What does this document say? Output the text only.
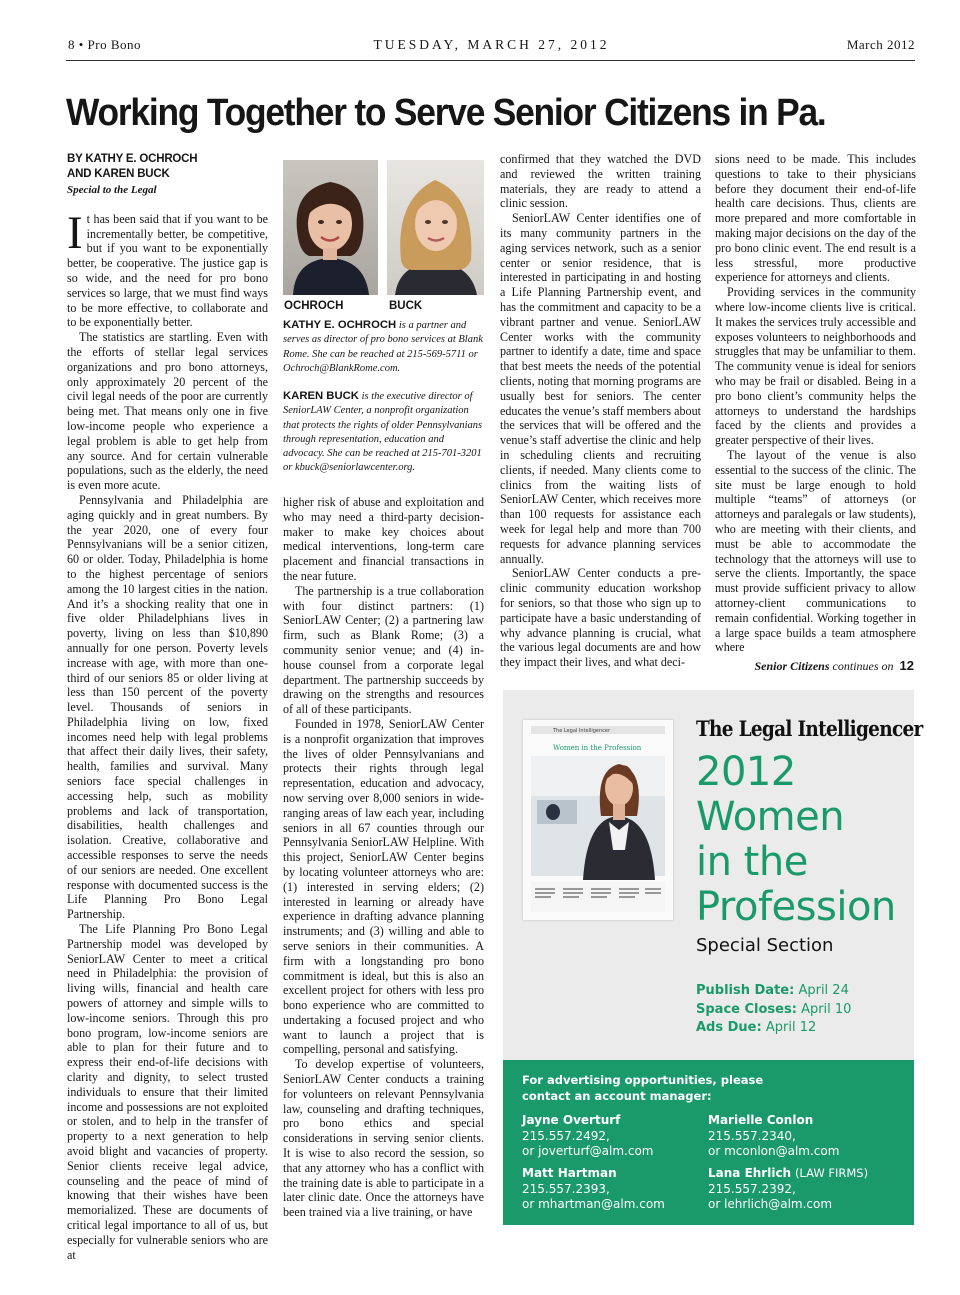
8 • Pro Bono	TUESDAY, MARCH 27, 2012	March 2012
Working Together to Serve Senior Citizens in Pa.
BY KATHY E. OCHROCH
AND KAREN BUCK
Special to the Legal

It has been said that if you want to be incrementally better, be competitive, but if you want to be exponentially better, be cooperative. The justice gap is so wide, and the need for pro bono services so large, that we must find ways to be more effective, to collaborate and to be exponentially better.

The statistics are startling. Even with the efforts of stellar legal services organizations and pro bono attorneys, only approximately 20 percent of the civil legal needs of the poor are currently being met. That means only one in five low-income people who experience a legal problem is able to get help from any source. And for certain vulnerable populations, such as the elderly, the need is even more acute.

Pennsylvania and Philadelphia are aging quickly and in great numbers. By the year 2020, one of every four Pennsylvanians will be a senior citizen, 60 or older. Today, Philadelphia is home to the highest percentage of seniors among the 10 largest cities in the nation. And it’s a shocking reality that one in five older Philadelphians lives in poverty, living on less than $10,890 annually for one person. Poverty levels increase with age, with more than one-third of our seniors 85 or older living at less than 150 percent of the poverty level. Thousands of seniors in Philadelphia living on low, fixed incomes need help with legal problems that affect their daily lives, their safety, health, families and survival. Many seniors face special challenges in accessing help, such as mobility problems and lack of transportation, disabilities, health challenges and isolation. Creative, collaborative and accessible responses to serve the needs of our seniors are needed. One excellent response with documented success is the Life Planning Pro Bono Legal Partnership.

The Life Planning Pro Bono Legal Partnership model was developed by SeniorLAW Center to meet a critical need in Philadelphia: the provision of living wills, financial and health care powers of attorney and simple wills to low-income seniors. Through this pro bono program, low-income seniors are able to plan for their future and to express their end-of-life decisions with clarity and dignity, to select trusted individuals to ensure that their limited income and possessions are not exploited or stolen, and to help in the transfer of property to a next generation to help avoid blight and vacancies of property. Senior clients receive legal advice, counseling and the peace of mind of knowing that their wishes have been memorialized. These are documents of critical legal importance to all of us, but especially for vulnerable seniors who are at

OCHROCH	BUCK
KATHY E. OCHROCH is a partner and serves as director of pro bono services at Blank Rome. She can be reached at 215-569-5711 or Ochroch@BlankRome.com.
KAREN BUCK is the executive director of SeniorLAW Center, a nonprofit organization that protects the rights of older Pennsylvanians through representation, education and advocacy. She can be reached at 215-701-3201 or kbuck@seniorlawcenter.org.

higher risk of abuse and exploitation and who may need a third-party decision-maker to make key choices about medical interventions, long-term care placement and financial transactions in the near future.

The partnership is a true collaboration with four distinct partners: (1) SeniorLAW Center; (2) a partnering law firm, such as Blank Rome; (3) a community senior venue; and (4) in-house counsel from a corporate legal department. The partnership succeeds by drawing on the strengths and resources of all of these participants.

Founded in 1978, SeniorLAW Center is a nonprofit organization that improves the lives of older Pennsylvanians and protects their rights through legal representation, education and advocacy, now serving over 8,000 seniors in wide-ranging areas of law each year, including seniors in all 67 counties through our Pennsylvania SeniorLAW Helpline. With this project, SeniorLAW Center begins by locating volunteer attorneys who are: (1) interested in serving elders; (2) interested in learning or already have experience in drafting advance planning instruments; and (3) willing and able to serve seniors in their communities. A firm with a longstanding pro bono commitment is ideal, but this is also an excellent project for others with less pro bono experience who are committed to undertaking a focused project and who want to launch a project that is compelling, personal and satisfying.

To develop expertise of volunteers, SeniorLAW Center conducts a training for volunteers on relevant Pennsylvania law, counseling and drafting techniques, pro bono ethics and special considerations in serving senior clients. It is wise to also record the session, so that any attorney who has a conflict with the training date is able to participate in a later clinic date. Once the attorneys have been trained via a live training, or have

confirmed that they watched the DVD and reviewed the written training materials, they are ready to attend a clinic session.

SeniorLAW Center identifies one of its many community partners in the aging services network, such as a senior center or senior residence, that is interested in participating in and hosting a Life Planning Partnership event, and has the commitment and capacity to be a vibrant partner and venue. SeniorLAW Center works with the community partner to identify a date, time and space that best meets the needs of the potential clients, noting that morning programs are usually best for seniors. The center educates the venue’s staff members about the services that will be offered and the venue’s staff advertise the clinic and help in scheduling clients and recruiting clients, if needed. Many clients come to clinics from the waiting lists of SeniorLAW Center, which receives more than 100 requests for assistance each week for legal help and more than 700 requests for advance planning services annually.

SeniorLAW Center conducts a pre-clinic community education workshop for seniors, so that those who sign up to participate have a basic understanding of why advance planning is crucial, what the various legal documents are and how they impact their lives, and what deci-

sions need to be made. This includes questions to take to their physicians before they document their end-of-life health care decisions. Thus, clients are more prepared and more comfortable in making major decisions on the day of the pro bono clinic event. The end result is a less stressful, more productive experience for attorneys and clients.

Providing services in the community where low-income clients live is critical. It makes the services truly accessible and exposes volunteers to neighborhoods and struggles that may be unfamiliar to them. The community venue is ideal for seniors who may be frail or disabled. Being in a pro bono client’s community helps the attorneys to understand the hardships faced by the clients and provides a greater perspective of their lives.

The layout of the venue is also essential to the success of the clinic. The site must be large enough to hold multiple “teams” of attorneys (or attorneys and paralegals or law students), who are meeting with their clients, and must be able to accommodate the technology that the attorneys will use to serve the clients. Importantly, the space must provide sufficient privacy to allow attorney-client communications to remain confidential. Working together in a large space builds a team atmosphere where

Senior Citizens continues on 12
The Legal Intelligencer
Women in the Profession
The Legal Intelligencer
2012
Women
in the
Profession
Special Section
Publish Date: April 24
Space Closes: April 10
Ads Due: April 12
For advertising opportunities, please
contact an account manager:
Jayne Overturf
215.557.2492,
or joverturf@alm.com
Marielle Conlon
215.557.2340,
or mconlon@alm.com
Matt Hartman
215.557.2393,
or mhartman@alm.com
Lana Ehrlich (LAW FIRMS)
215.557.2392,
or lehrlich@alm.com
